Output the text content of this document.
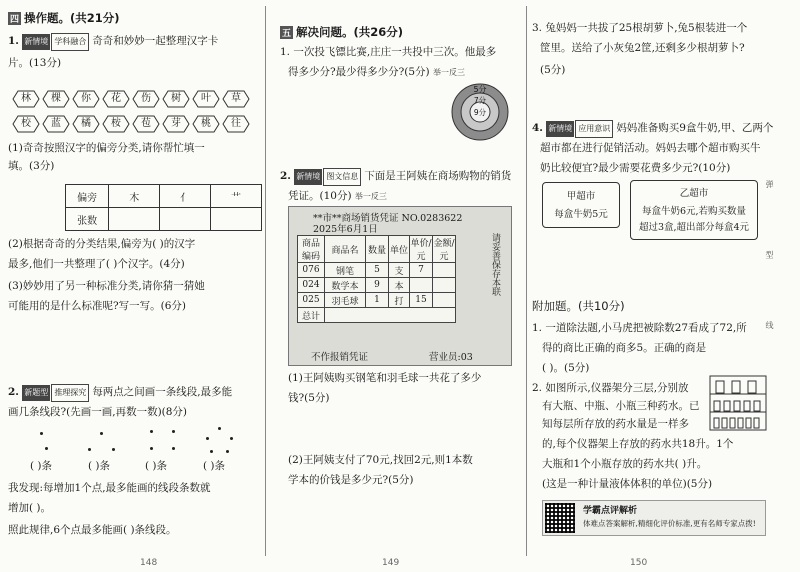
四 操作题。(共21分)
1. 新情境 学科融合 奇奇和妙妙一起整理汉字卡
片。(13分)
林	棵	你	花	伤	树	叶	草
校	蓝	橘	桉	苞	芽	桃	往
(1)奇奇按照汉字的偏旁分类,请你帮忙填一
填。(3分)
偏旁	木	亻	艹
张数			
(2)根据奇奇的分类结果,偏旁为( )的汉字
最多,他们一共整理了( )个汉字。(4分)
(3)妙妙用了另一种标准分类,请你猜一猜她
可能用的是什么标准呢?写一写。(6分)
2. 新题型 推理探究 每两点之间画一条线段,最多能
画几条线段?(先画一画,再数一数)(8分)
( )条	( )条	( )条	( )条
我发现:每增加1个点,最多能画的线段条数就
增加( )。
照此规律,6个点最多能画( )条线段。
148
五 解决问题。(共26分)
1. 一次投飞镖比赛,庄庄一共投中三次。他最多
得多少分?最少得多少分?(5分) 举一反三
5分
7分
9分
2. 新情境 图文信息 下面是王阿姨在商场购物的销货
凭证。(10分) 举一反三
**市**商场销货凭证 NO.0283622
2025年6月1日
商品编码	商品名	数量	单位	单价/元	金额/元
076	钢笔	5	支	7	
024	数学本	9	本		
025	羽毛球	1	打	15	
总计					
请妥善保存本联
不作报销凭证	营业员:03
(1)王阿姨购买钢笔和羽毛球一共花了多少
钱?(5分)
(2)王阿姨支付了70元,找回2元,则1本数
学本的价钱是多少元?(5分)
149
3. 兔妈妈一共拔了25根胡萝卜,兔5根装进一个
筐里。送给了小灰兔2筐,还剩多少根胡萝卜?
(5分)
4. 新情境 应用意识 妈妈准备购买9盒牛奶,甲、乙两个
超市都在进行促销活动。妈妈去哪个超市购买牛
奶比较便宜?最少需要花费多少元?(10分)
甲超市
每盒牛奶5元
乙超市
每盒牛奶6元,若购买数量
超过3盒,超出部分每盒4元
附加题。(共10分)
1. 一道除法题,小马虎把被除数27看成了72,所
得的商比正确的商多5。正确的商是
( )。(5分)
2. 如图所示,仪器架分三层,分别放
有大瓶、中瓶、小瓶三种药水。已
知每层所存放的药水量是一样多
的,每个仪器架上存放的药水共18升。1个
大瓶和1个小瓶存放的药水共( )升。
(这是一种计量液体体积的单位)(5分)
学霸点评解析
体难点答案解析,精细化评价标准,更有名师专家点拨!
弹 型 线
150
